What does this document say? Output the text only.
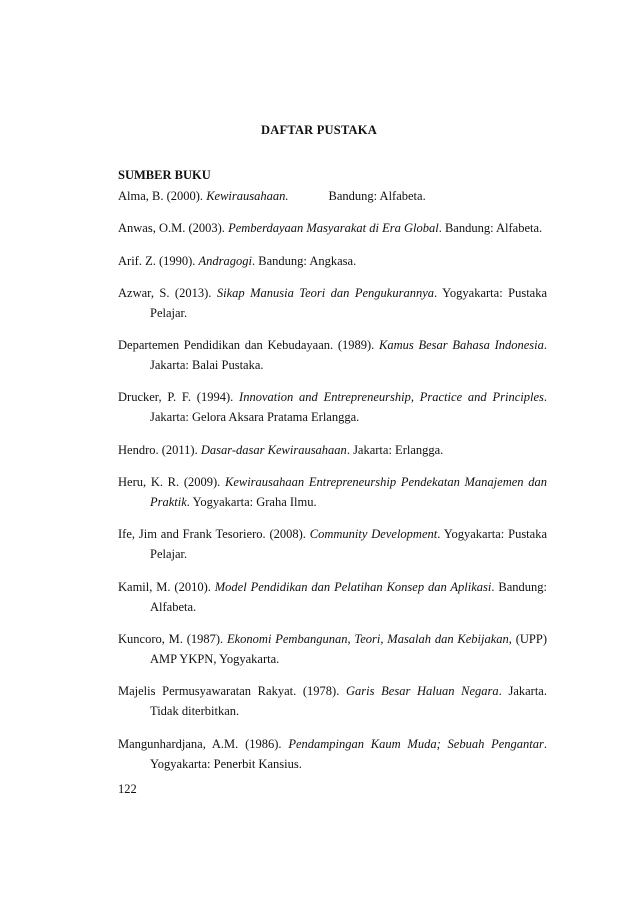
DAFTAR PUSTAKA
SUMBER BUKU

Alma, B. (2000). Kewirausahaan.	Bandung: Alfabeta.

Anwas, O.M. (2003). Pemberdayaan Masyarakat di Era Global. Bandung: Alfabeta.

Arif. Z. (1990). Andragogi. Bandung: Angkasa.

Azwar, S. (2013). Sikap Manusia Teori dan Pengukurannya. Yogyakarta: Pustaka Pelajar.

Departemen Pendidikan dan Kebudayaan. (1989). Kamus Besar Bahasa Indonesia. Jakarta: Balai Pustaka.

Drucker, P. F. (1994). Innovation and Entrepreneurship, Practice and Principles. Jakarta: Gelora Aksara Pratama Erlangga.

Hendro. (2011). Dasar-dasar Kewirausahaan. Jakarta: Erlangga.

Heru, K. R. (2009). Kewirausahaan Entrepreneurship Pendekatan Manajemen dan Praktik. Yogyakarta: Graha Ilmu.

Ife, Jim and Frank Tesoriero. (2008). Community Development. Yogyakarta: Pustaka Pelajar.

Kamil, M. (2010). Model Pendidikan dan Pelatihan Konsep dan Aplikasi. Bandung: Alfabeta.

Kuncoro, M. (1987). Ekonomi Pembangunan, Teori, Masalah dan Kebijakan, (UPP) AMP YKPN, Yogyakarta.

Majelis Permusyawaratan Rakyat. (1978). Garis Besar Haluan Negara. Jakarta. Tidak diterbitkan.

Mangunhardjana, A.M. (1986). Pendampingan Kaum Muda; Sebuah Pengantar. Yogyakarta: Penerbit Kansius.

122
